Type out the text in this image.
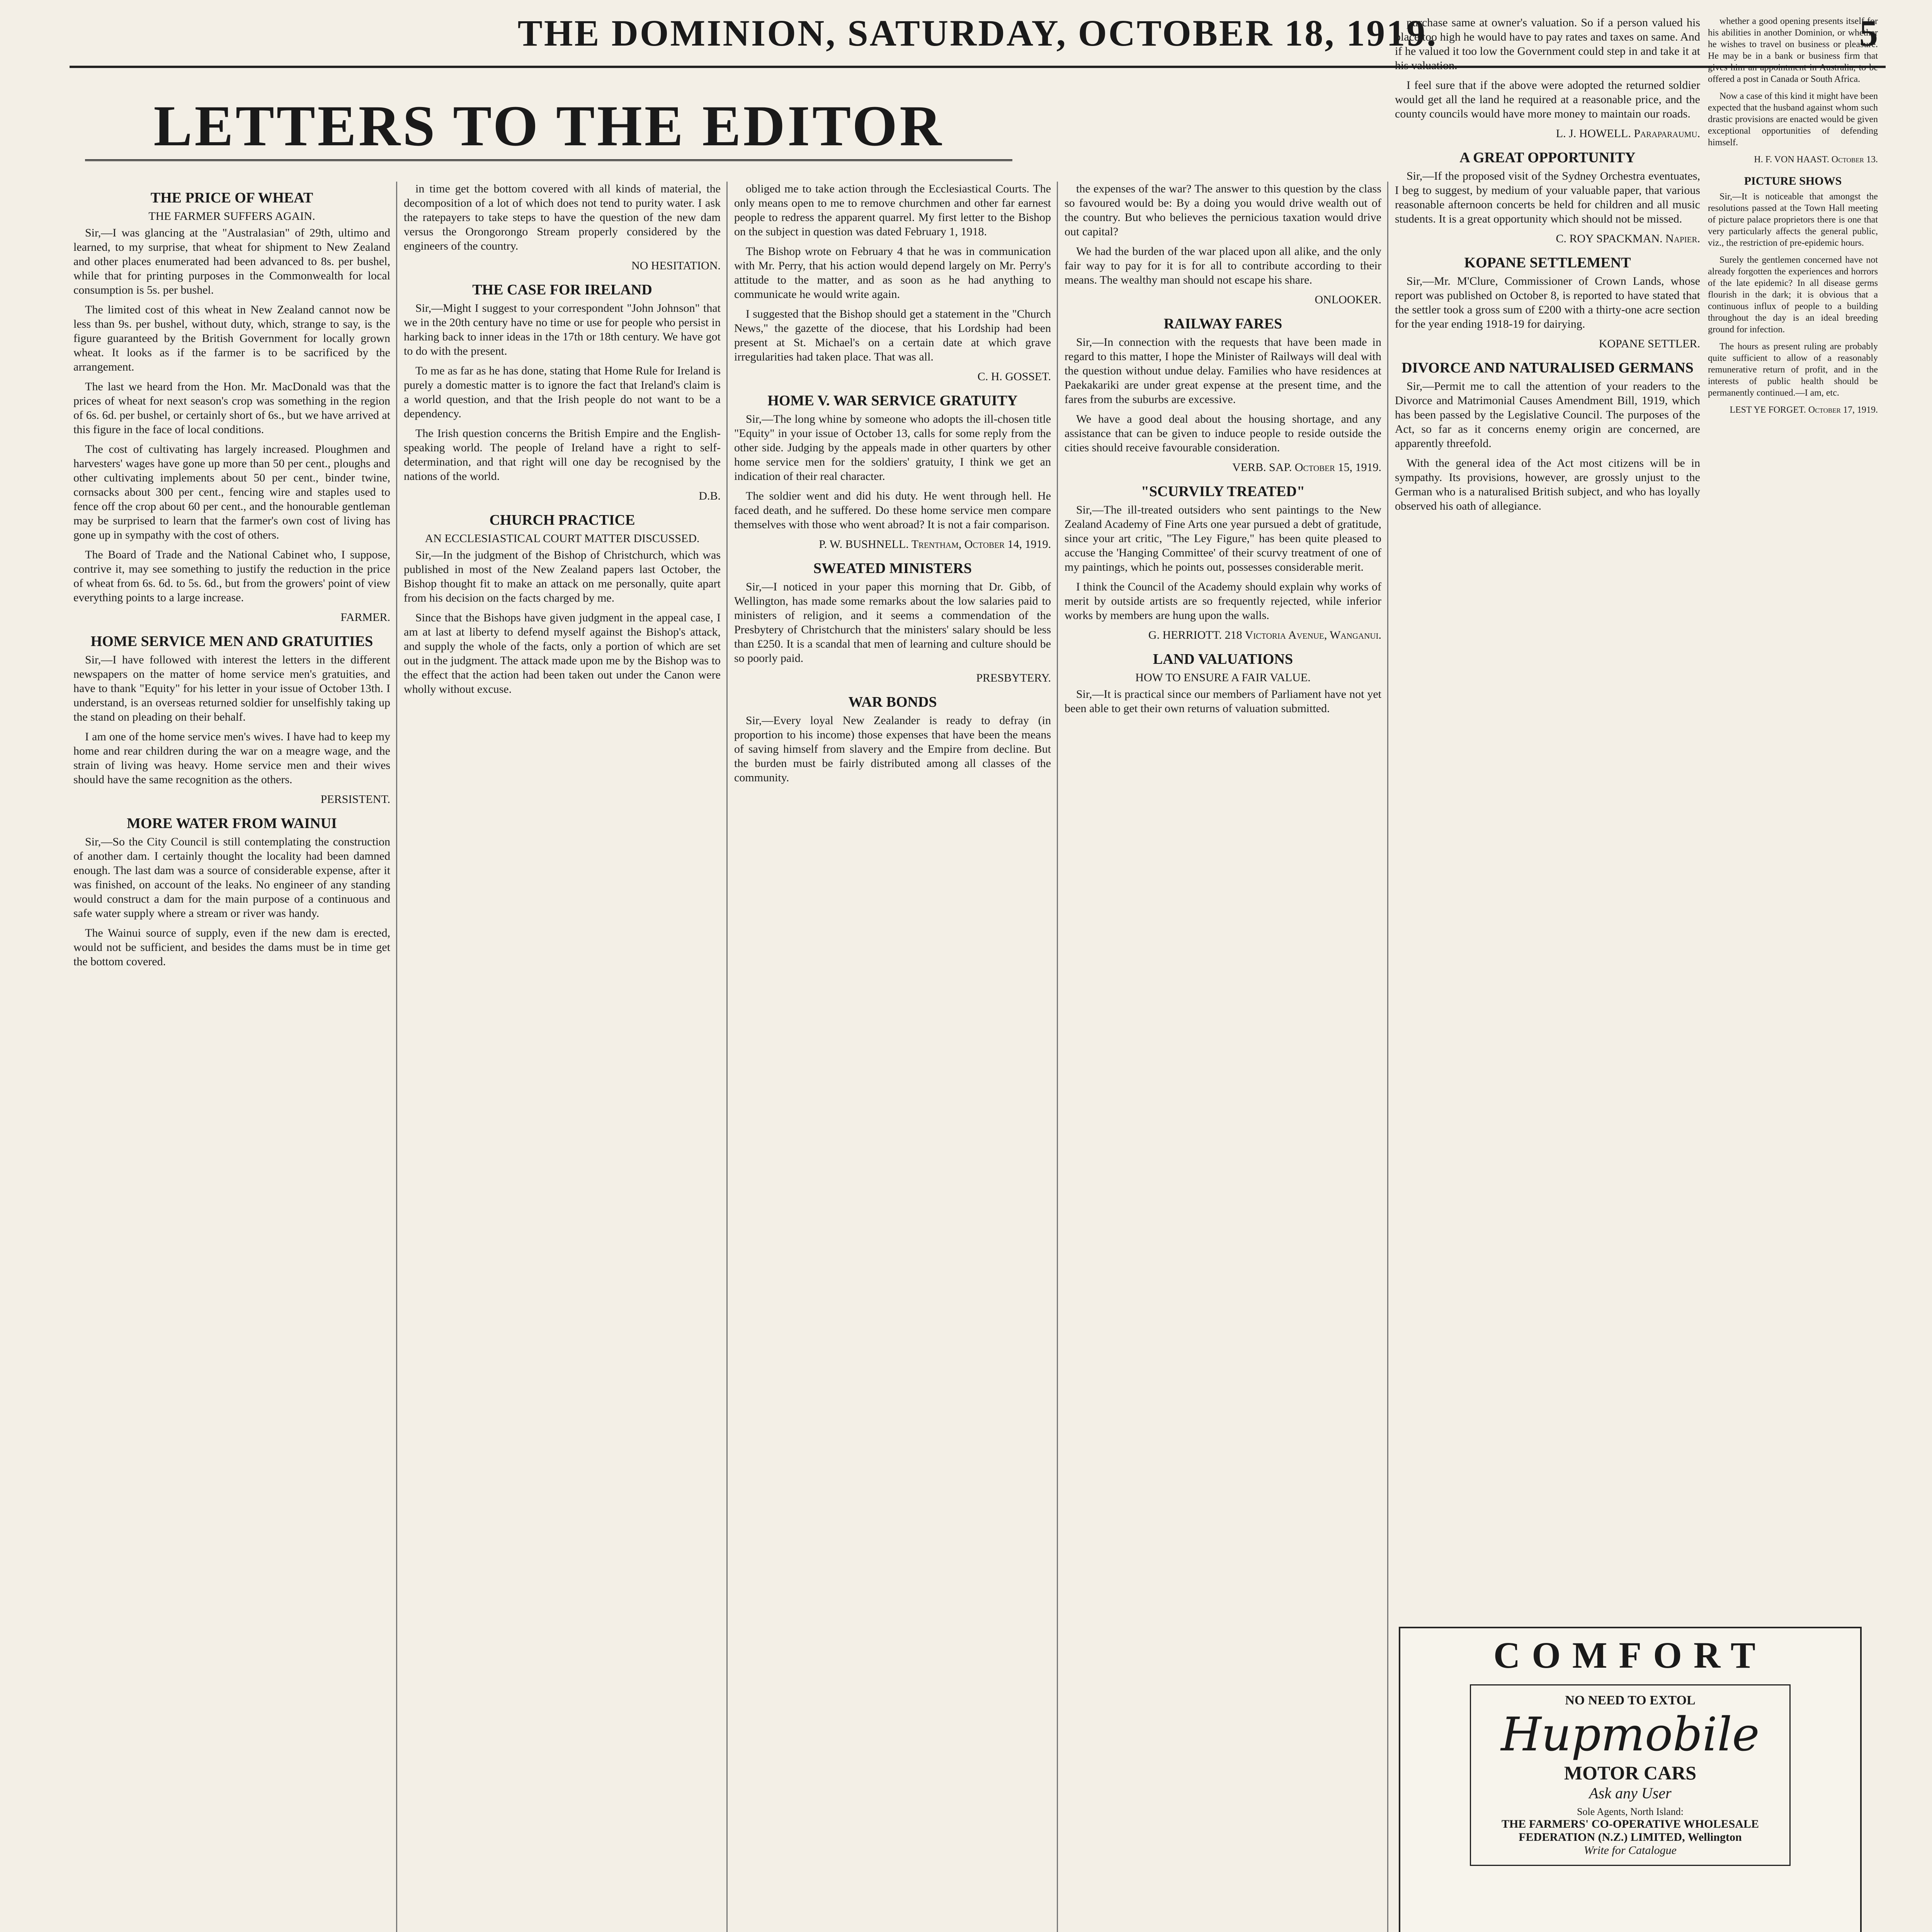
THE DOMINION, SATURDAY, OCTOBER 18, 1919.	5
LETTERS TO THE EDITOR
THE PRICE OF WHEAT
THE FARMER SUFFERS AGAIN.

Sir,—I was glancing at the "Australasian" of 29th, ultimo and learned, to my surprise, that wheat for shipment to New Zealand and other places enumerated had been advanced to 8s. per bushel, while that for printing purposes in the Commonwealth for local consumption is 5s. per bushel.

The limited cost of this wheat in New Zealand cannot now be less than 9s. per bushel, without duty, which, strange to say, is the figure guaranteed by the British Government for locally grown wheat. It looks as if the farmer is to be sacrificed by the arrangement.

The last we heard from the Hon. Mr. MacDonald was that the prices of wheat for next season's crop was something in the region of 6s. 6d. per bushel, or certainly short of 6s., but we have arrived at this figure in the face of local conditions.

The cost of cultivating has largely increased. Ploughmen and harvesters' wages have gone up more than 50 per cent., ploughs and other cultivating implements about 50 per cent., binder twine, cornsacks about 300 per cent., fencing wire and staples used to fence off the crop about 60 per cent., and the honourable gentleman may be surprised to learn that the farmer's own cost of living has gone up in sympathy with the cost of others.

The Board of Trade and the National Cabinet who, I suppose, contrive it, may see something to justify the reduction in the price of wheat from 6s. 6d. to 5s. 6d., but from the growers' point of view everything points to a large increase.

FARMER.
HOME SERVICE MEN AND GRATUITIES

Sir,—I have followed with interest the letters in the different newspapers on the matter of home service men's gratuities, and have to thank "Equity" for his letter in your issue of October 13th. I understand, is an overseas returned soldier for unselfishly taking up the stand on pleading on their behalf.

I am one of the home service men's wives. I have had to keep my home and rear children during the war on a meagre wage, and the strain of living was heavy. Home service men and their wives should have the same recognition as the others.

PERSISTENT.
MORE WATER FROM WAINUI

Sir,—So the City Council is still contemplating the construction of another dam. I certainly thought the locality had been damned enough. The last dam was a source of considerable expense, after it was finished, on account of the leaks. No engineer of any standing would construct a dam for the main purpose of a continuous and safe water supply where a stream or river was handy.

The Wainui source of supply, even if the new dam is erected, would not be sufficient, and besides the dams must be in time get the bottom covered.

in time get the bottom covered with all kinds of material, the decomposition of a lot of which does not tend to purity water. I ask the ratepayers to take steps to have the question of the new dam versus the Orongorongo Stream properly considered by the engineers of the country.

NO HESITATION.
THE CASE FOR IRELAND

Sir,—Might I suggest to your correspondent "John Johnson" that we in the 20th century have no time or use for people who persist in harking back to inner ideas in the 17th or 18th century. We have got to do with the present.

To me as far as he has done, stating that Home Rule for Ireland is purely a domestic matter is to ignore the fact that Ireland's claim is a world question, and that the Irish people do not want to be a dependency.

The Irish question concerns the British Empire and the English-speaking world. The people of Ireland have a right to self-determination, and that right will one day be recognised by the nations of the world.

D.B.
CHURCH PRACTICE
AN ECCLESIASTICAL COURT MATTER DISCUSSED.

Sir,—In the judgment of the Bishop of Christchurch, which was published in most of the New Zealand papers last October, the Bishop thought fit to make an attack on me personally, quite apart from his decision on the facts charged by me.

Since that the Bishops have given judgment in the appeal case, I am at last at liberty to defend myself against the Bishop's attack, and supply the whole of the facts, only a portion of which are set out in the judgment. The attack made upon me by the Bishop was to the effect that the action had been taken out under the Canon were wholly without excuse.

obliged me to take action through the Ecclesiastical Courts. The only means open to me to remove churchmen and other far earnest people to redress the apparent quarrel. My first letter to the Bishop on the subject in question was dated February 1, 1918.

The Bishop wrote on February 4 that he was in communication with Mr. Perry, that his action would depend largely on Mr. Perry's attitude to the matter, and as soon as he had anything to communicate he would write again.

I suggested that the Bishop should get a statement in the "Church News," the gazette of the diocese, that his Lordship had been present at St. Michael's on a certain date at which grave irregularities had taken place. That was all.

C. H. GOSSET.
HOME V. WAR SERVICE GRATUITY

Sir,—The long whine by someone who adopts the ill-chosen title "Equity" in your issue of October 13, calls for some reply from the other side. Judging by the appeals made in other quarters by other home service men for the soldiers' gratuity, I think we get an indication of their real character.

The soldier went and did his duty. He went through hell. He faced death, and he suffered. Do these home service men compare themselves with those who went abroad? It is not a fair comparison.

P. W. BUSHNELL. Trentham, October 14, 1919.
SWEATED MINISTERS

Sir,—I noticed in your paper this morning that Dr. Gibb, of Wellington, has made some remarks about the low salaries paid to ministers of religion, and it seems a commendation of the Presbytery of Christchurch that the ministers' salary should be less than £250. It is a scandal that men of learning and culture should be so poorly paid.

PRESBYTERY.
WAR BONDS

Sir,—Every loyal New Zealander is ready to defray (in proportion to his income) those expenses that have been the means of saving himself from slavery and the Empire from decline. But the burden must be fairly distributed among all classes of the community.

the expenses of the war? The answer to this question by the class so favoured would be: By a doing you would drive wealth out of the country. But who believes the pernicious taxation would drive out capital?

We had the burden of the war placed upon all alike, and the only fair way to pay for it is for all to contribute according to their means. The wealthy man should not escape his share.

ONLOOKER.
RAILWAY FARES

Sir,—In connection with the requests that have been made in regard to this matter, I hope the Minister of Railways will deal with the question without undue delay. Families who have residences at Paekakariki are under great expense at the present time, and the fares from the suburbs are excessive.

We have a good deal about the housing shortage, and any assistance that can be given to induce people to reside outside the cities should receive favourable consideration.

VERB. SAP. October 15, 1919.
"SCURVILY TREATED"

Sir,—The ill-treated outsiders who sent paintings to the New Zealand Academy of Fine Arts one year pursued a debt of gratitude, since your art critic, "The Ley Figure," has been quite pleased to accuse the 'Hanging Committee' of their scurvy treatment of one of my paintings, which he points out, possesses considerable merit.

I think the Council of the Academy should explain why works of merit by outside artists are so frequently rejected, while inferior works by members are hung upon the walls.

G. HERRIOTT. 218 Victoria Avenue, Wanganui.
LAND VALUATIONS
HOW TO ENSURE A FAIR VALUE.

Sir,—It is practical since our members of Parliament have not yet been able to get their own returns of valuation submitted.

purchase same at owner's valuation. So if a person valued his place too high he would have to pay rates and taxes on same. And if he valued it too low the Government could step in and take it at his valuation.

I feel sure that if the above were adopted the returned soldier would get all the land he required at a reasonable price, and the county councils would have more money to maintain our roads.

L. J. HOWELL. Paraparaumu.
A GREAT OPPORTUNITY

Sir,—If the proposed visit of the Sydney Orchestra eventuates, I beg to suggest, by medium of your valuable paper, that various reasonable afternoon concerts be held for children and all music students. It is a great opportunity which should not be missed.

C. ROY SPACKMAN. Napier.
KOPANE SETTLEMENT

Sir,—Mr. M'Clure, Commissioner of Crown Lands, whose report was published on October 8, is reported to have stated that the settler took a gross sum of £200 with a thirty-one acre section for the year ending 1918-19 for dairying.

KOPANE SETTLER.
DIVORCE AND NATURALISED GERMANS

Sir,—Permit me to call the attention of your readers to the Divorce and Matrimonial Causes Amendment Bill, 1919, which has been passed by the Legislative Council. The purposes of the Act, so far as it concerns enemy origin are concerned, are apparently threefold.

With the general idea of the Act most citizens will be in sympathy. Its provisions, however, are grossly unjust to the German who is a naturalised British subject, and who has loyally observed his oath of allegiance.

whether a good opening presents itself for his abilities in another Dominion, or whether he wishes to travel on business or pleasure. He may be in a bank or business firm that gives him an appointment in Australia, to be offered a post in Canada or South Africa.

Now a case of this kind it might have been expected that the husband against whom such drastic provisions are enacted would be given exceptional opportunities of defending himself.

H. F. VON HAAST. October 13.
PICTURE SHOWS

Sir,—It is noticeable that amongst the resolutions passed at the Town Hall meeting of picture palace proprietors there is one that very particularly affects the general public, viz., the restriction of pre-epidemic hours.

Surely the gentlemen concerned have not already forgotten the experiences and horrors of the late epidemic? In all disease germs flourish in the dark; it is obvious that a continuous influx of people to a building throughout the day is an ideal breeding ground for infection.

The hours as present ruling are probably quite sufficient to allow of a reasonably remunerative return of profit, and in the interests of public health should be permanently continued.—I am, etc.

LEST YE FORGET. October 17, 1919.
COMFORT
NO NEED TO EXTOL
Hupmobile
MOTOR CARS
Ask any User
Sole Agents, North Island:
THE FARMERS' CO-OPERATIVE WHOLESALE FEDERATION (N.Z.) LIMITED, Wellington
Write for Catalogue
